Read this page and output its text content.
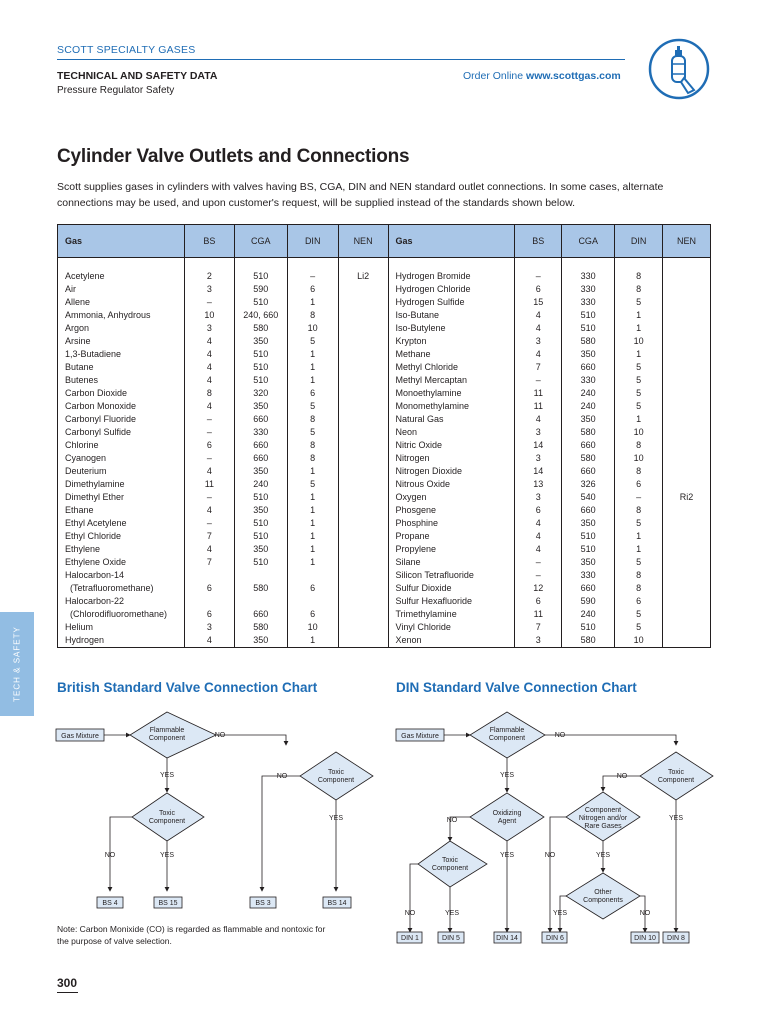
SCOTT SPECIALTY GASES
TECHNICAL AND SAFETY DATA
Pressure Regulator Safety
Order Online www.scottgas.com
TECH & SAFETY
Cylinder Valve Outlets and Connections
Scott supplies gases in cylinders with valves having BS, CGA, DIN and NEN standard outlet connections. In some cases, alternate connections may be used, and upon customer's request, will be supplied instead of the standards shown below.
Gas	BS	CGA	DIN	NEN	Gas	BS	CGA	DIN	NEN

Acetylene	2	510	–	Li2	Hydrogen Bromide	–	330	8	
Air	3	590	6		Hydrogen Chloride	6	330	8	
Allene	–	510	1		Hydrogen Sulfide	15	330	5	
Ammonia, Anhydrous	10	240, 660	8		Iso-Butane	4	510	1	
Argon	3	580	10		Iso-Butylene	4	510	1	
Arsine	4	350	5		Krypton	3	580	10	
1,3-Butadiene	4	510	1		Methane	4	350	1	
Butane	4	510	1		Methyl Chloride	7	660	5	
Butenes	4	510	1		Methyl Mercaptan	–	330	5	
Carbon Dioxide	8	320	6		Monoethylamine	11	240	5	
Carbon Monoxide	4	350	5		Monomethylamine	11	240	5	
Carbonyl Fluoride	–	660	8		Natural Gas	4	350	1	
Carbonyl Sulfide	–	330	5		Neon	3	580	10	
Chlorine	6	660	8		Nitric Oxide	14	660	8	
Cyanogen	–	660	8		Nitrogen	3	580	10	
Deuterium	4	350	1		Nitrogen Dioxide	14	660	8	
Dimethylamine	11	240	5		Nitrous Oxide	13	326	6	
Dimethyl Ether	–	510	1		Oxygen	3	540	–	Ri2
Ethane	4	350	1		Phosgene	6	660	8	
Ethyl Acetylene	–	510	1		Phosphine	4	350	5	
Ethyl Chloride	7	510	1		Propane	4	510	1	
Ethylene	4	350	1		Propylene	4	510	1	
Ethylene Oxide	7	510	1		Silane	–	350	5	
Halocarbon-14					Silicon Tetrafluoride	–	330	8	
(Tetrafluoromethane)	6	580	6		Sulfur Dioxide	12	660	8	
Halocarbon-22					Sulfur Hexafluoride	6	590	6	
(Chlorodifluoromethane)	6	660	6		Trimethylamine	11	240	5	
Helium	3	580	10		Vinyl Chloride	7	510	5	
Hydrogen	4	350	1		Xenon	3	580	10	
British Standard Valve Connection Chart
Gas Mixture
Flammable
Component
Toxic
Component
Toxic
Component
NO
YES
NO	YES
NO
YES
BS 4	BS 15	BS 3	BS 14
DIN Standard Valve Connection Chart
Gas Mixture
Flammable
Component
Oxidizing
Agent
Toxic
Component
Toxic
Component
Component
Nitrogen and/or
Rare Gases
Other
Components
NO
YES
NO
YES
NO	YES
NO
YES
NO	YES
YES	NO
DIN 1	DIN 5	DIN 14	DIN 6	DIN 10 DIN 8
Note: Carbon Monixide (CO) is regarded as flammable and nontoxic for the purpose of valve selection.
300
